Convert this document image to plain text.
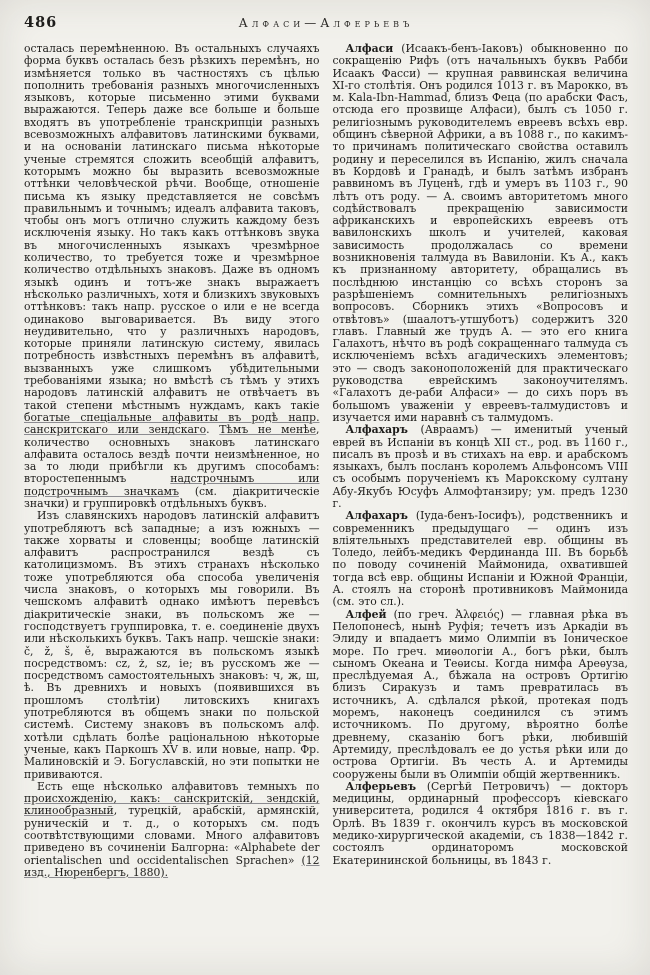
486	Алфаси—Алферьевъ

осталась перемѣненною. Въ остальныхъ случаяхъ форма буквъ осталась безъ рѣзкихъ перемѣнъ, но измѣняется только въ частностяхъ съ цѣлью пополнить требованія разныхъ многочисленныхъ языковъ, которые письменно этими буквами выражаются. Теперь даже все больше и больше входятъ въ употребленіе транскрипціи разныхъ всевозможныхъ алфавитовъ латинскими буквами, и на основаніи латинскаго письма нѣкоторые ученые стремятся сложить всеобщій алфавитъ, которымъ можно бы выразить всевозможные оттѣнки человѣческой рѣчи. Вообще, отношеніе письма къ языку представляется не совсѣмъ правильнымъ и точнымъ; идеалъ алфавита таковъ, чтобы онъ могъ отлично служить каждому безъ исключенія языку. Но такъ какъ оттѣнковъ звука въ многочисленныхъ языкахъ чрезмѣрное количество, то требуется тоже и чрезмѣрное количество отдѣльныхъ знаковъ. Даже въ одномъ языкѣ одинъ и тотъ-же знакъ выражаетъ нѣсколько различныхъ, хотя и близкихъ звуковыхъ оттѣнковъ: такъ напр. русское о или е не всегда одинаково выговаривается. Въ виду этого неудивительно, что у различныхъ народовъ, которые приняли латинскую систему, явилась потребность извѣстныхъ перемѣнъ въ алфавитѣ, вызванныхъ уже слишкомъ убѣдительными требованіями языка; но вмѣстѣ съ тѣмъ у этихъ народовъ латинскій алфавитъ не отвѣчаетъ въ такой степени мѣстнымъ нуждамъ, какъ такіе богатые спеціальные алфавиты въ родѣ напр. санскритскаго или зендскаго. Тѣмъ не менѣе, количество основныхъ знаковъ латинскаго алфавита осталось вездѣ почти неизмѣненное, но за то люди прибѣгли къ другимъ способамъ: второстепеннымъ надстрочнымъ или подстрочнымъ значкамъ (см. діакритическіе значки) и группировкѣ отдѣльныхъ буквъ.

Изъ славянскихъ народовъ латинскій алфавитъ употребляютъ всѣ западные; а изъ южныхъ — также хорваты и словенцы; вообще латинскій алфавитъ распространился вездѣ съ католицизмомъ. Въ этихъ странахъ нѣсколько тоже употребляются оба способа увеличенія числа знаковъ, о которыхъ мы говорили. Въ чешскомъ алфавитѣ однако имѣютъ перевѣсъ діакритическіе знаки, въ польскомъ же — господствуетъ группировка, т. е. соединеніе двухъ или нѣсколькихъ буквъ. Такъ напр. чешскіе знаки: č, ž, š, ě, выражаются въ польскомъ языкѣ посредствомъ: cz, ż, sz, ie; въ русскомъ же — посредствомъ самостоятельныхъ знаковъ: ч, ж, ш, ѣ. Въ древнихъ и новыхъ (появившихся въ прошломъ столѣтіи) литовскихъ книгахъ употребляются въ общемъ знаки по польской системѣ. Систему знаковъ въ польскомъ алф. хотѣли сдѣлать болѣе раціональною нѣкоторые ученые, какъ Паркошъ XV в. или новые, напр. Фр. Малиновскій и Э. Богуславскій, но эти попытки не прививаются.

Есть еще нѣсколько алфавитовъ темныхъ по происхожденію, какъ: санскритскій, зендскій, клинообразный, турецкій, арабскій, армянскій, руническій и т. д., о которыхъ см. подъ соотвѣтствующими словами. Много алфавитовъ приведено въ сочиненіи Балгорна: «Alphabete der orientalischen und occidentalischen Sprachen» (12 изд., Нюренбергъ, 1880).

Алфаси (Исаакъ-бенъ-Іаковъ) обыкновенно по сокращенію Рифъ (отъ начальныхъ буквъ Рабби Исаакъ Фасси) — крупная раввинская величина XI-го столѣтія. Онъ родился 1013 г. въ Марокко, въ м. Kala-Ibn-Hammad, близъ Феца (по арабски Фасъ, отсюда его прозвище Алфаси), былъ съ 1050 г. религіознымъ руководителемъ евреевъ всѣхъ евр. общинъ сѣверной Африки, а въ 1088 г., по какимъ-то причинамъ политическаго свойства оставилъ родину и переселился въ Испанію, жилъ сначала въ Кордовѣ и Гранадѣ, и былъ затѣмъ избранъ раввиномъ въ Луценѣ, гдѣ и умеръ въ 1103 г., 90 лѣтъ отъ роду. — А. своимъ авторитетомъ много содѣйствовалъ прекращенію зависимости африканскихъ и европейскихъ евреевъ отъ вавилонскихъ школъ и учителей, каковая зависимость продолжалась со времени возникновенія талмуда въ Вавилоніи. Къ А., какъ къ признанному авторитету, обращались въ послѣднюю инстанцію со всѣхъ сторонъ за разрѣшеніемъ сомнительныхъ религіозныхъ вопросовъ. Сборникъ этихъ «Вопросовъ и отвѣтовъ» (шаалотъ-утшуботъ) содержитъ 320 главъ. Главный же трудъ А. — это его книга Галахотъ, нѣчто въ родѣ сокращеннаго талмуда съ исключеніемъ всѣхъ агадическихъ элементовъ; это — сводъ законоположеній для практическаго руководства еврейскимъ законоучителямъ. «Галахотъ де-раби Алфаси» — до сихъ поръ въ большомъ уваженіи у евреевъ-талмудистовъ и изучается ими наравнѣ съ талмудомъ.

Алфахаръ (Авраамъ) — именитый ученый еврей въ Испаніи въ концѣ XII ст., род. въ 1160 г., писалъ въ прозѣ и въ стихахъ на евр. и арабскомъ языкахъ, былъ посланъ королемъ Альфонсомъ VIII съ особымъ порученіемъ къ Марокскому султану Абу-Якубъ Юсуфъ Алмофтанзиру; ум. предъ 1230 г.

Алфахаръ (Іуда-бенъ-Іосифъ), родственникъ и современникъ предыдущаго — одинъ изъ вліятельныхъ представителей евр. общины въ Толедо, лейбъ-медикъ Фердинанда III. Въ борьбѣ по поводу сочиненій Маймонида, охватившей тогда всѣ евр. общины Испаніи и Южной Франціи, А. стоялъ на сторонѣ противниковъ Маймонида (см. это сл.).

Алфей (по греч. Ἀλφειός) — главная рѣка въ Пелопонесѣ, нынѣ Руфія; течетъ изъ Аркадіи въ Элиду и впадаетъ мимо Олимпіи въ Іоническое море. По греч. миѳологіи А., богъ рѣки, былъ сыномъ Океана и Теѳисы. Когда нимфа Ареѳуза, преслѣдуемая А., бѣжала на островъ Ортигію близъ Сиракузъ и тамъ превратилась въ источникъ, А. сдѣлался рѣкой, протекая подъ моремъ, наконецъ соединился съ этимъ источникомъ. По другому, вѣроятно болѣе древнему, сказанію богъ рѣки, любившій Артемиду, преслѣдовалъ ее до устья рѣки или до острова Ортигіи. Въ честь А. и Артемиды сооружены были въ Олимпіи общій жертвенникъ.

Алферьевъ (Сергѣй Петровичъ) — докторъ медицины, ординарный профессоръ кіевскаго университета, родился 4 октября 1816 г. въ г. Орлѣ. Въ 1839 г. окончилъ курсъ въ московской медико-хирургической академіи, съ 1838—1842 г. состоялъ ординаторомъ московской Екатерининской больницы, въ 1843 г.
